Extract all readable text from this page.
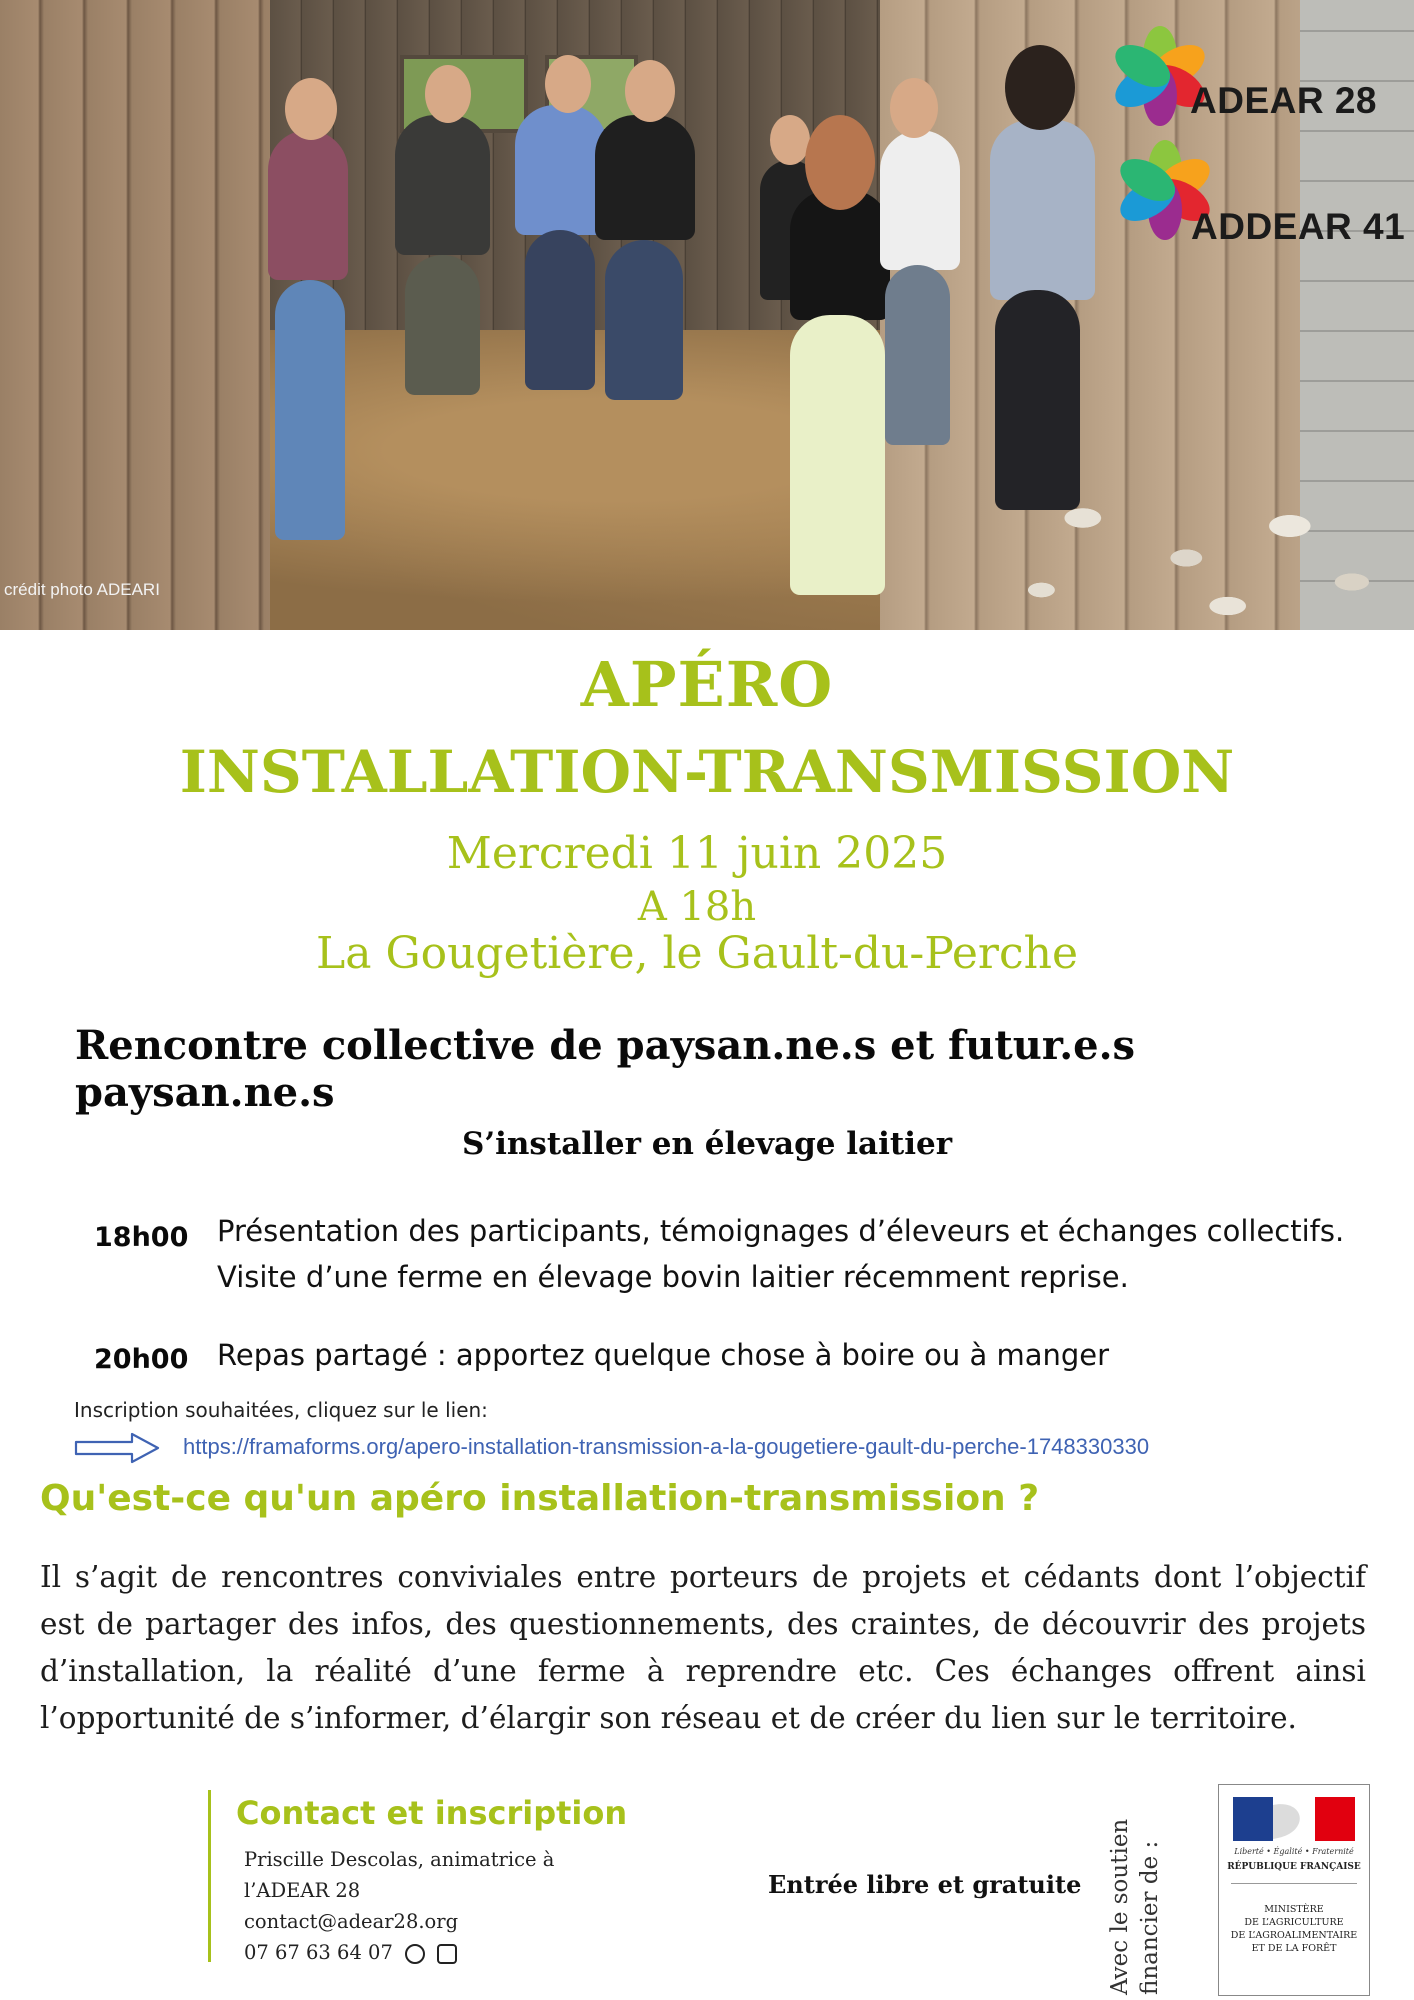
crédit photo ADEARI
ADEAR 28
ADDEAR 41
APÉRO
INSTALLATION-TRANSMISSION
Mercredi 11 juin 2025
A 18h
La Gougetière, le Gault-du-Perche
Rencontre collective de paysan.ne.s et futur.e.s paysan.ne.s
S’installer en élevage laitier
18h00 Présentation des participants, témoignages d’éleveurs et échanges collectifs. Visite d’une ferme en élevage bovin laitier récemment reprise.
20h00 Repas partagé : apportez quelque chose à boire ou à manger
Inscription souhaitées, cliquez sur le lien:
https://framaforms.org/apero-installation-transmission-a-la-gougetiere-gault-du-perche-1748330330
Qu'est-ce qu'un apéro installation-transmission ?

Il s’agit de rencontres conviviales entre porteurs de projets et cédants dont l’objectif est de partager des infos, des questionnements, des craintes, de découvrir des projets d’installation, la réalité d’une ferme à reprendre etc. Ces échanges offrent ainsi l’opportunité de s’informer, d’élargir son réseau et de créer du lien sur le territoire.

Contact et inscription
Priscille Descolas, animatrice à
l’ADEAR 28
contact@adear28.org
07 67 63 64 07
Entrée libre et gratuite Avec le soutien financier de :	Liberté • Égalité • Fraternité
RÉPUBLIQUE FRANÇAISE
MINISTÈRE
DE L’AGRICULTURE
DE L’AGROALIMENTAIRE
ET DE LA FORÊT
